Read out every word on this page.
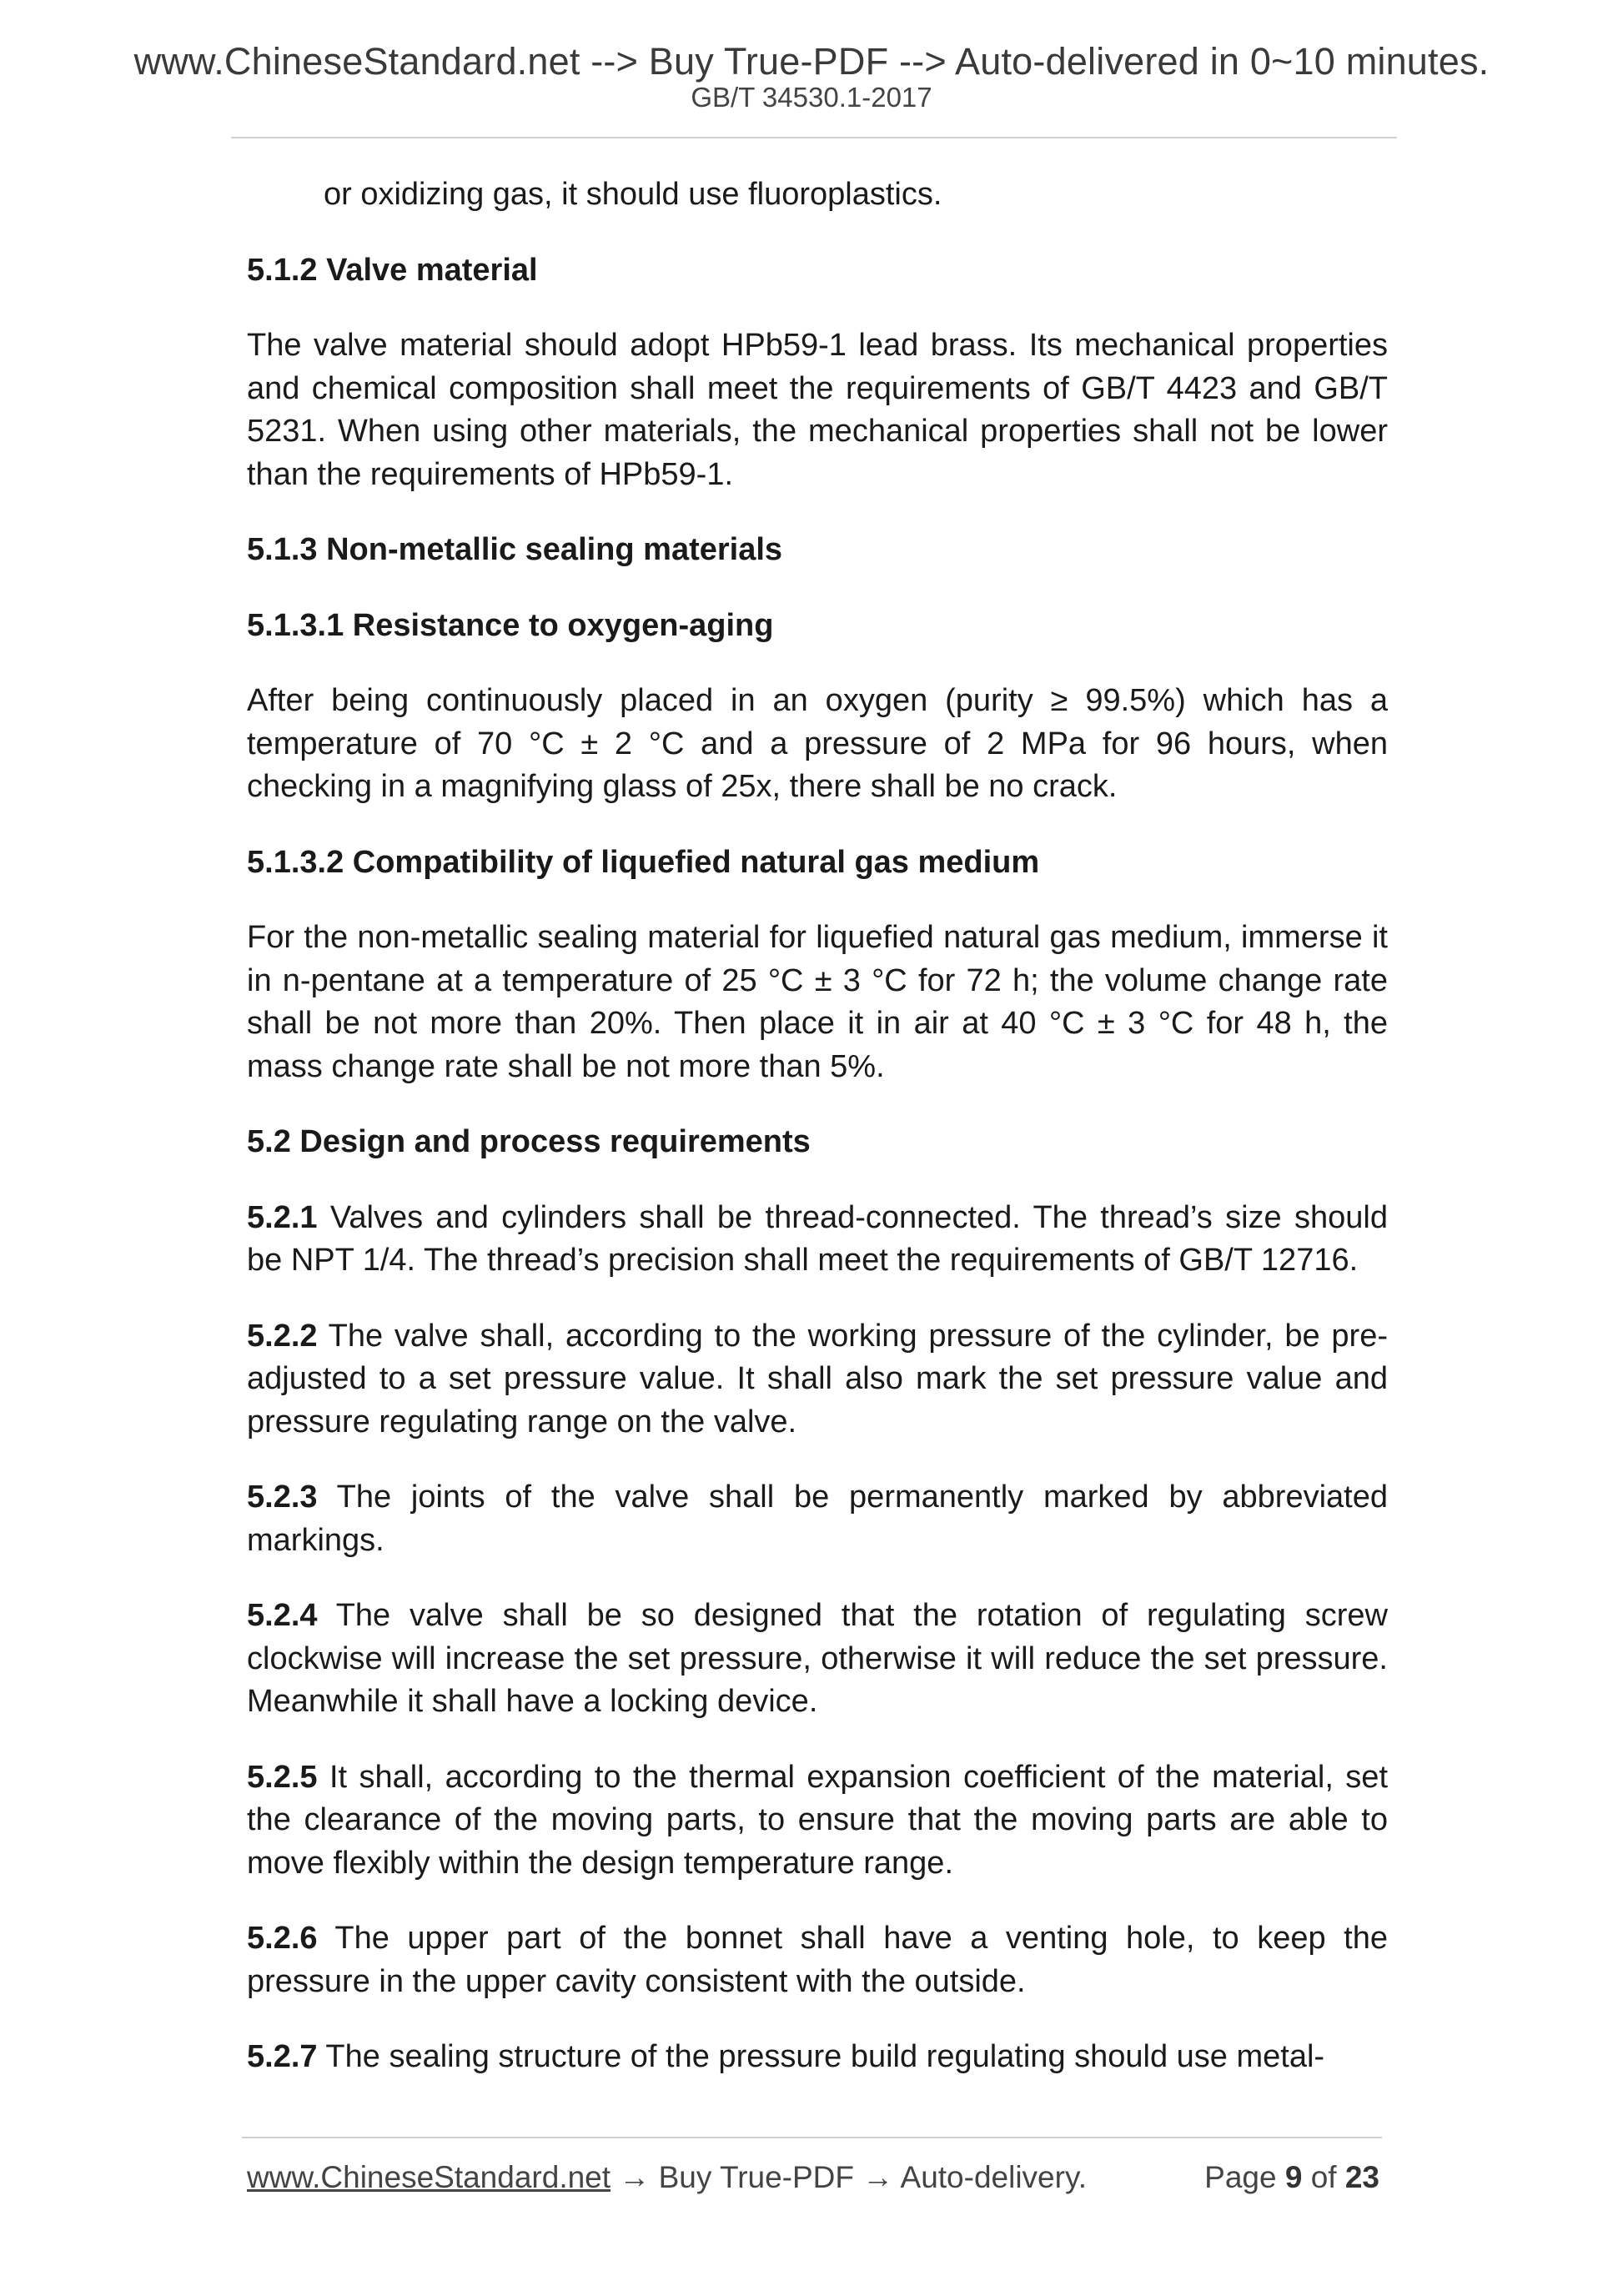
www.ChineseStandard.net --> Buy True-PDF --> Auto-delivered in 0~10 minutes.
GB/T 34530.1-2017

or oxidizing gas, it should use fluoroplastics.

5.1.2 Valve material

The valve material should adopt HPb59-1 lead brass. Its mechanical properties and chemical composition shall meet the requirements of GB/T 4423 and GB/T 5231. When using other materials, the mechanical properties shall not be lower than the requirements of HPb59-1.

5.1.3 Non-metallic sealing materials

5.1.3.1 Resistance to oxygen-aging

After being continuously placed in an oxygen (purity ≥ 99.5%) which has a temperature of 70 °C ± 2 °C and a pressure of 2 MPa for 96 hours, when checking in a magnifying glass of 25x, there shall be no crack.

5.1.3.2 Compatibility of liquefied natural gas medium

For the non-metallic sealing material for liquefied natural gas medium, immerse it in n-pentane at a temperature of 25 °C ± 3 °C for 72 h; the volume change rate shall be not more than 20%. Then place it in air at 40 °C ± 3 °C for 48 h, the mass change rate shall be not more than 5%.

5.2 Design and process requirements

5.2.1 Valves and cylinders shall be thread-connected. The thread’s size should be NPT 1/4. The thread’s precision shall meet the requirements of GB/T 12716.

5.2.2 The valve shall, according to the working pressure of the cylinder, be pre-adjusted to a set pressure value. It shall also mark the set pressure value and pressure regulating range on the valve.

5.2.3 The joints of the valve shall be permanently marked by abbreviated markings.

5.2.4 The valve shall be so designed that the rotation of regulating screw clockwise will increase the set pressure, otherwise it will reduce the set pressure. Meanwhile it shall have a locking device.

5.2.5 It shall, according to the thermal expansion coefficient of the material, set the clearance of the moving parts, to ensure that the moving parts are able to move flexibly within the design temperature range.

5.2.6 The upper part of the bonnet shall have a venting hole, to keep the pressure in the upper cavity consistent with the outside.

5.2.7 The sealing structure of the pressure build regulating should use metal-

www.ChineseStandard.net → Buy True-PDF → Auto-delivery.	Page 9 of 23
